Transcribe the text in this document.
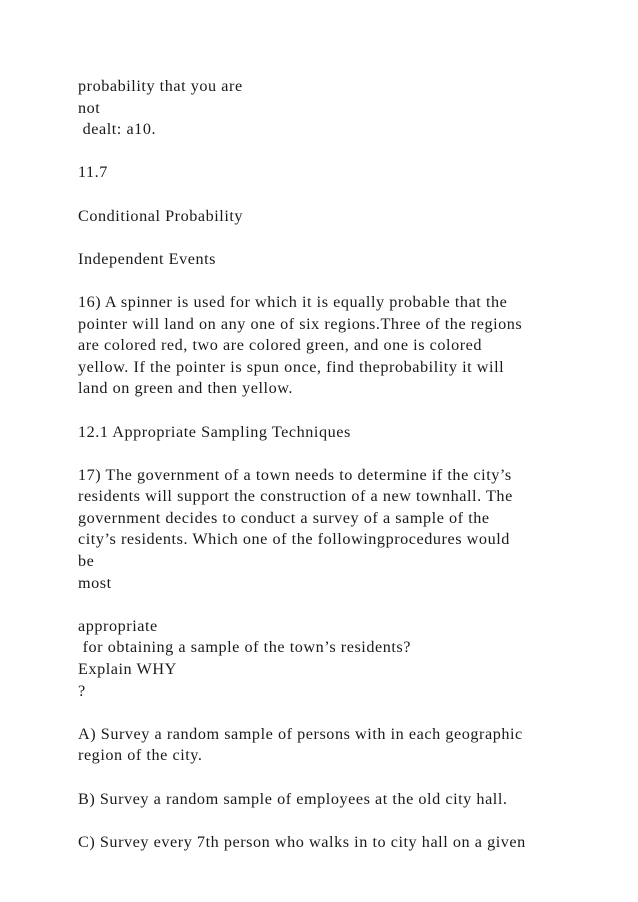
probability that you are
not
dealt: a10.
11.7
Conditional Probability
Independent Events
16) A spinner is used for which it is equally probable that the
pointer will land on any one of six regions.Three of the regions
are colored red, two are colored green, and one is colored
yellow. If the pointer is spun once, find theprobability it will
land on green and then yellow.
12.1 Appropriate Sampling Techniques
17) The government of a town needs to determine if the city’s
residents will support the construction of a new townhall. The
government decides to conduct a survey of a sample of the
city’s residents. Which one of the followingprocedures would
be
most
appropriate
for obtaining a sample of the town’s residents?
Explain WHY
?
A) Survey a random sample of persons with in each geographic
region of the city.
B) Survey a random sample of employees at the old city hall.
C) Survey every 7th person who walks in to city hall on a given
